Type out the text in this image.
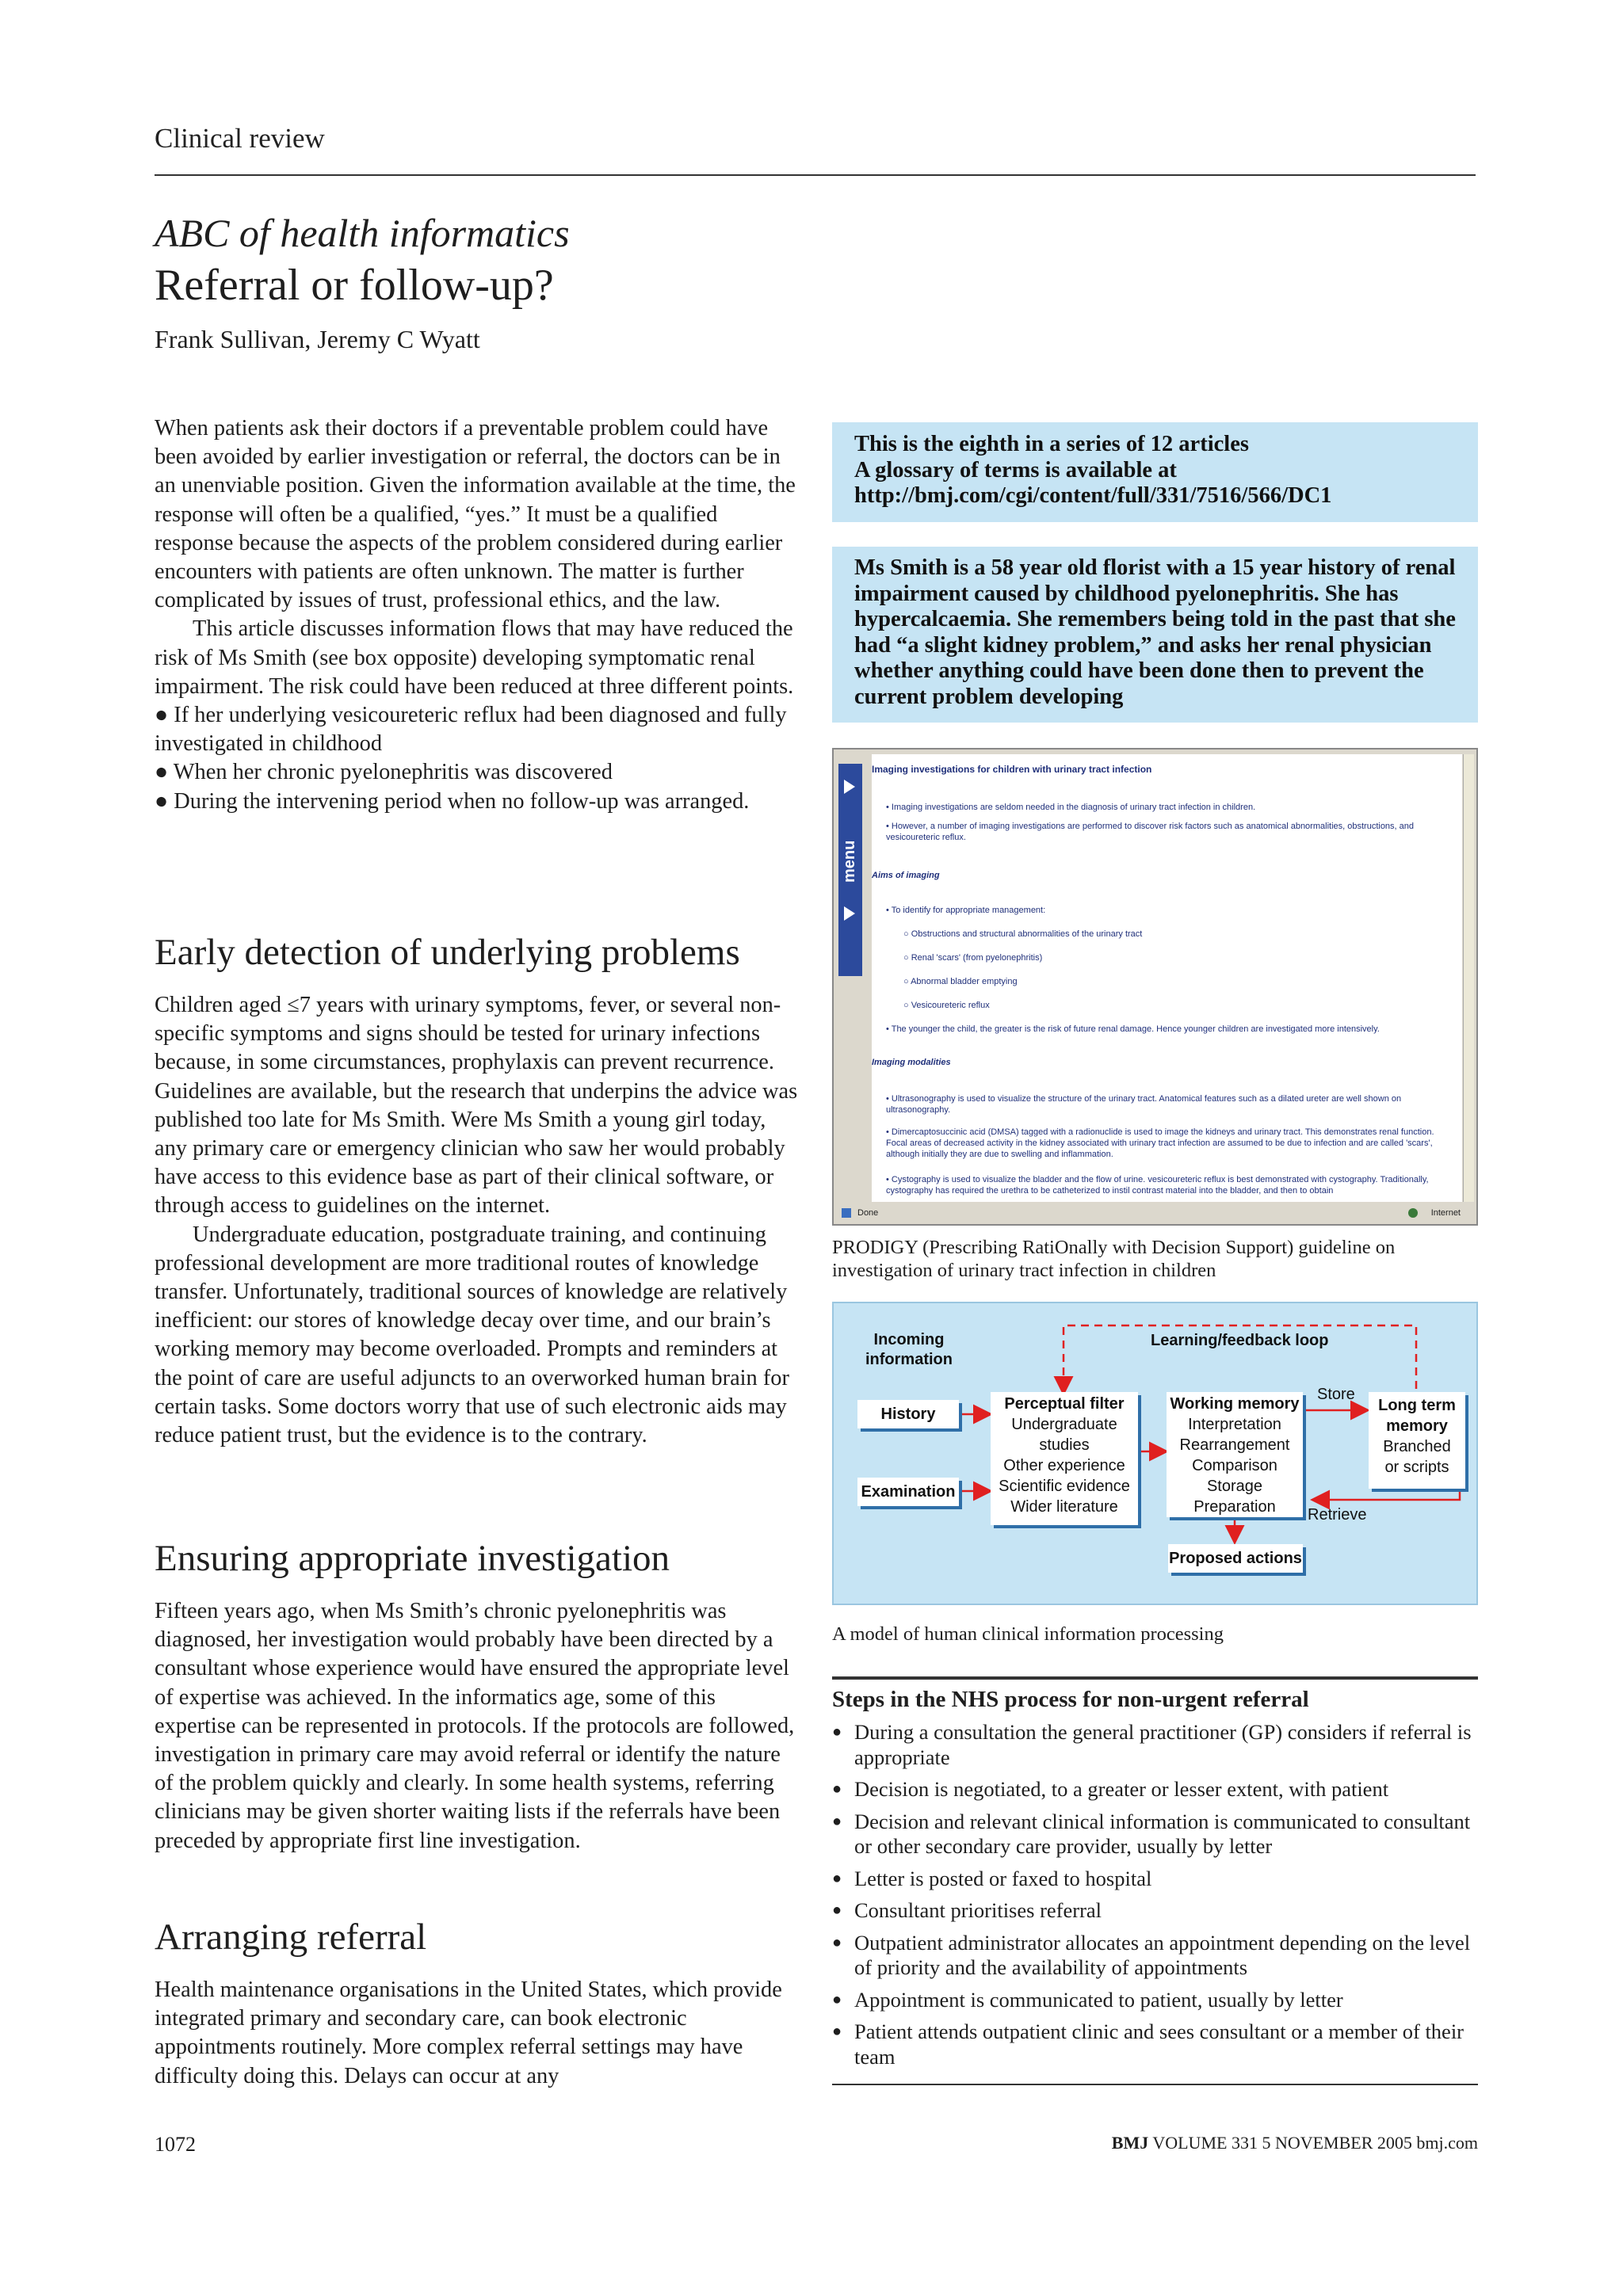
Clinical review
ABC of health informatics
Referral or follow-up?
Frank Sullivan, Jeremy C Wyatt

When patients ask their doctors if a preventable problem could have been avoided by earlier investigation or referral, the doctors can be in an unenviable position. Given the information available at the time, the response will often be a qualified, “yes.” It must be a qualified response because the aspects of the problem considered during earlier encounters with patients are often unknown. The matter is further complicated by issues of trust, professional ethics, and the law.

This article discusses information flows that may have reduced the risk of Ms Smith (see box opposite) developing symptomatic renal impairment. The risk could have been reduced at three different points.

● If her underlying vesicoureteric reflux had been diagnosed and fully investigated in childhood

● When her chronic pyelonephritis was discovered

● During the intervening period when no follow-up was arranged.

Early detection of underlying problems

Children aged ≤7 years with urinary symptoms, fever, or several non-specific symptoms and signs should be tested for urinary infections because, in some circumstances, prophylaxis can prevent recurrence. Guidelines are available, but the research that underpins the advice was published too late for Ms Smith. Were Ms Smith a young girl today, any primary care or emergency clinician who saw her would probably have access to this evidence base as part of their clinical software, or through access to guidelines on the internet.

Undergraduate education, postgraduate training, and continuing professional development are more traditional routes of knowledge transfer. Unfortunately, traditional sources of knowledge are relatively inefficient: our stores of knowledge decay over time, and our brain’s working memory may become overloaded. Prompts and reminders at the point of care are useful adjuncts to an overworked human brain for certain tasks. Some doctors worry that use of such electronic aids may reduce patient trust, but the evidence is to the contrary.

Ensuring appropriate investigation

Fifteen years ago, when Ms Smith’s chronic pyelonephritis was diagnosed, her investigation would probably have been directed by a consultant whose experience would have ensured the appropriate level of expertise was achieved. In the informatics age, some of this expertise can be represented in protocols. If the protocols are followed, investigation in primary care may avoid referral or identify the nature of the problem quickly and clearly. In some health systems, referring clinicians may be given shorter waiting lists if the referrals have been preceded by appropriate first line investigation.

Arranging referral

Health maintenance organisations in the United States, which provide integrated primary and secondary care, can book electronic appointments routinely. More complex referral settings may have difficulty doing this. Delays can occur at any

This is the eighth in a series of 12 articles
A glossary of terms is available at http://bmj.com/cgi/content/full/331/7516/566/DC1
Ms Smith is a 58 year old florist with a 15 year history of renal impairment caused by childhood pyelonephritis. She has hypercalcaemia. She remembers being told in the past that she had “a slight kidney problem,” and asks her renal physician whether anything could have been done then to prevent the current problem developing
menu
Imaging investigations for children with urinary tract infection
• Imaging investigations are seldom needed in the diagnosis of urinary tract infection in children.
• However, a number of imaging investigations are performed to discover risk factors such as anatomical abnormalities, obstructions, and vesicoureteric reflux.
Aims of imaging
• To identify for appropriate management:
○ Obstructions and structural abnormalities of the urinary tract
○ Renal 'scars' (from pyelonephritis)
○ Abnormal bladder emptying
○ Vesicoureteric reflux
• The younger the child, the greater is the risk of future renal damage. Hence younger children are investigated more intensively.
Imaging modalities
• Ultrasonography is used to visualize the structure of the urinary tract. Anatomical features such as a dilated ureter are well shown on ultrasonography.
• Dimercaptosuccinic acid (DMSA) tagged with a radionuclide is used to image the kidneys and urinary tract. This demonstrates renal function. Focal areas of decreased activity in the kidney associated with urinary tract infection are assumed to be due to infection and are called 'scars', although initially they are due to swelling and inflammation.
• Cystography is used to visualize the bladder and the flow of urine. vesicoureteric reflux is best demonstrated with cystography. Traditionally, cystography has required the urethra to be catheterized to instil contrast material into the bladder, and then to obtain
Done	Internet
PRODIGY (Prescribing RatiOnally with Decision Support) guideline on investigation of urinary tract infection in children
Incoming information
Learning/feedback loop
History
Examination
Perceptual filter
Undergraduate
studies
Other experience
Scientific evidence
Wider literature
Working memory
Interpretation
Rearrangement
Comparison
Storage
Preparation
Store
Retrieve
Long term
memory
Branched
or scripts
Proposed actions
A model of human clinical information processing
Steps in the NHS process for non-urgent referral
● During a consultation the general practitioner (GP) considers if referral is appropriate
● Decision is negotiated, to a greater or lesser extent, with patient
● Decision and relevant clinical information is communicated to consultant or other secondary care provider, usually by letter
● Letter is posted or faxed to hospital
● Consultant prioritises referral
● Outpatient administrator allocates an appointment depending on the level of priority and the availability of appointments
● Appointment is communicated to patient, usually by letter
● Patient attends outpatient clinic and sees consultant or a member of their team
1072	BMJ VOLUME 331 5 NOVEMBER 2005 bmj.com
